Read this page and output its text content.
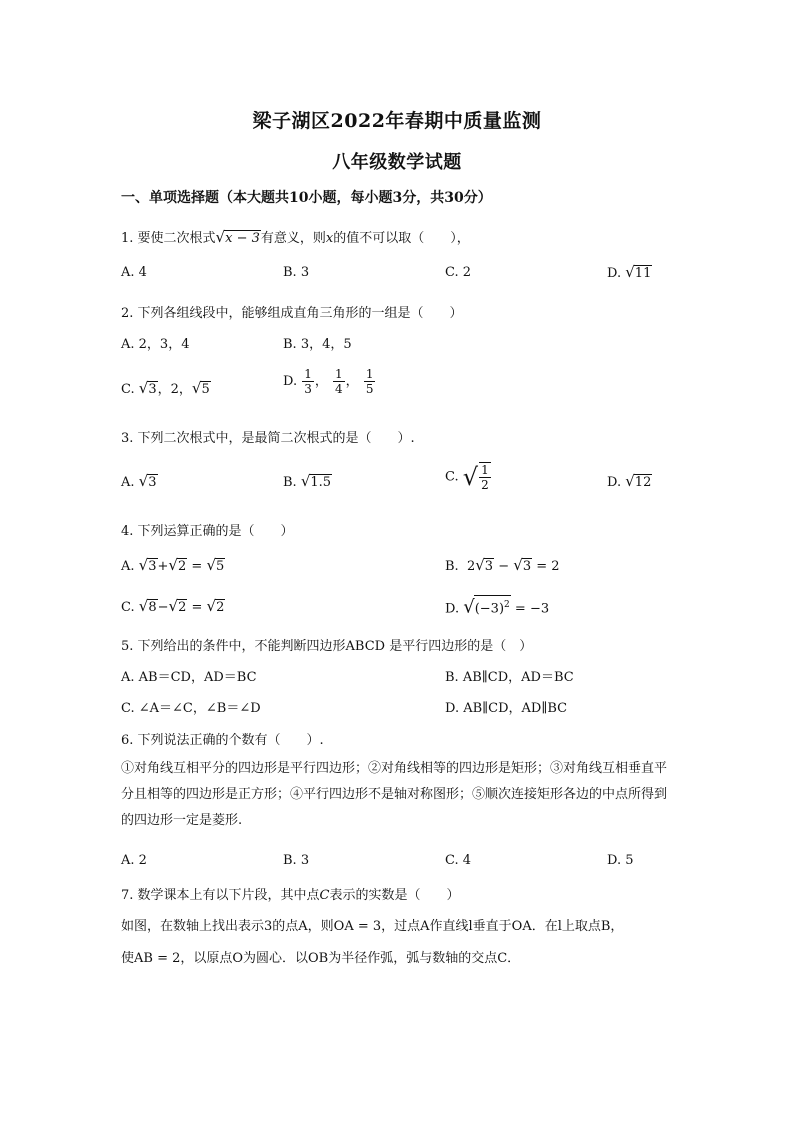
梁子湖区2022年春期中质量监测
八年级数学试题
一、单项选择题（本大题共10小题，每小题3分，共30分）
1. 要使二次根式√x − 3有意义，则x的值不可以取（　　），
A. 4	B. 3	C. 2	D. √11
2. 下列各组线段中，能够组成直角三角形的一组是（　　）
A. 2，3，4	B. 3，4，5
C. √3，2，√5
D. $\frac{1}{3}$ ， $\frac{1}{4}$ ， $\frac{1}{5}$
3. 下列二次根式中，是最简二次根式的是（　　）.
A. √3	B. √1.5	C. √ $\frac{1}{2}$	D. √12
4. 下列运算正确的是（　　）
A. √3+√2 = √5	B. 2√3 − √3 = 2
C. √8−√2 = √2	D. $√(-3)^2 = -3$
5. 下列给出的条件中，不能判断四边形ABCD 是平行四边形的是（　）
A. AB＝CD，AD＝BC	B. AB∥CD，AD＝BC
C. ∠A＝∠C，∠B＝∠D	D. AB∥CD，AD∥BC
6. 下列说法正确的个数有（　　）.
①对角线互相平分的四边形是平行四边形；②对角线相等的四边形是矩形；③对角线互相垂直平分且相等的四边形是正方形；④平行四边形不是轴对称图形；⑤顺次连接矩形各边的中点所得到的四边形一定是菱形.
A. 2	B. 3	C. 4	D. 5
7. 数学课本上有以下片段，其中点C表示的实数是（　　）
如图，在数轴上找出表示3的点A，则OA = 3，过点A作直线l垂直于OA．在l上取点B，
使AB = 2，以原点O为圆心．以OB为半径作弧，弧与数轴的交点C．
